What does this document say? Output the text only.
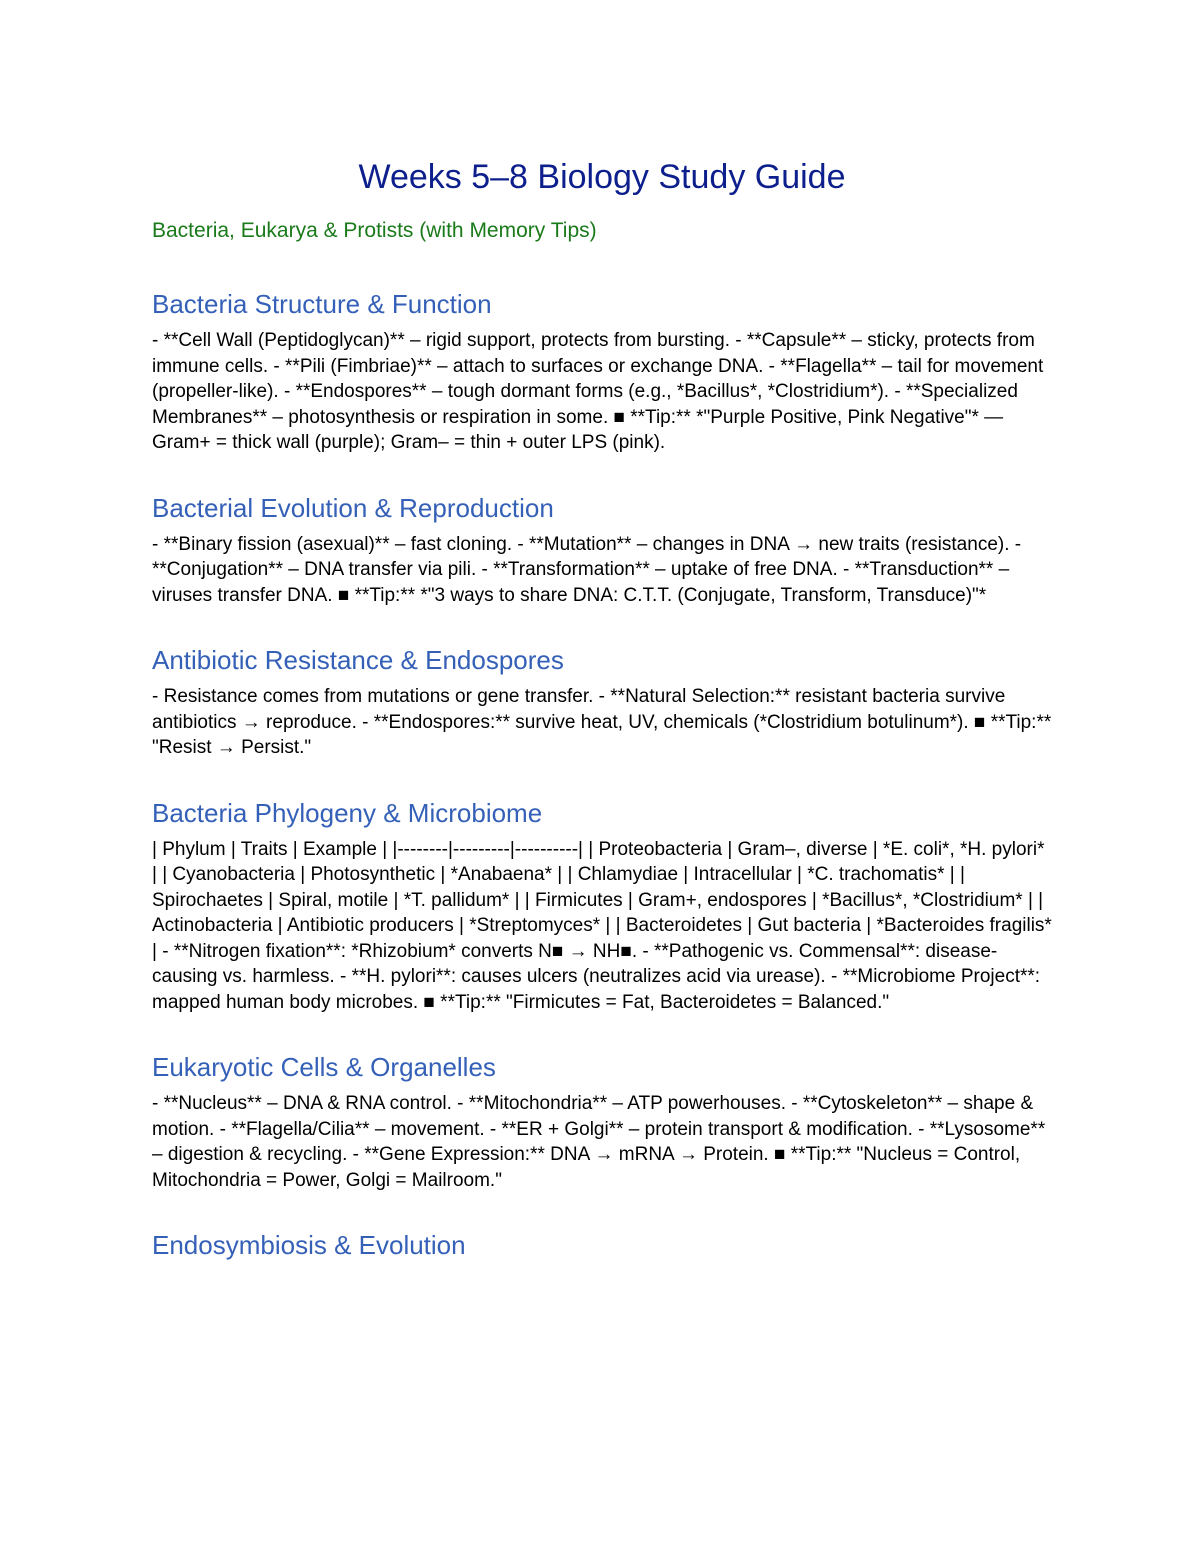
Weeks 5–8 Biology Study Guide
Bacteria, Eukarya & Protists (with Memory Tips)
Bacteria Structure & Function

- **Cell Wall (Peptidoglycan)** – rigid support, protects from bursting. - **Capsule** – sticky, protects from immune cells. - **Pili (Fimbriae)** – attach to surfaces or exchange DNA. - **Flagella** – tail for movement (propeller-like). - **Endospores** – tough dormant forms (e.g., *Bacillus*, *Clostridium*). - **Specialized Membranes** – photosynthesis or respiration in some. ■ **Tip:** *"Purple Positive, Pink Negative"* — Gram+ = thick wall (purple); Gram– = thin + outer LPS (pink).

Bacterial Evolution & Reproduction

- **Binary fission (asexual)** – fast cloning. - **Mutation** – changes in DNA → new traits (resistance). - **Conjugation** – DNA transfer via pili. - **Transformation** – uptake of free DNA. - **Transduction** – viruses transfer DNA. ■ **Tip:** *"3 ways to share DNA: C.T.T. (Conjugate, Transform, Transduce)"*

Antibiotic Resistance & Endospores

- Resistance comes from mutations or gene transfer. - **Natural Selection:** resistant bacteria survive antibiotics → reproduce. - **Endospores:** survive heat, UV, chemicals (*Clostridium botulinum*). ■ **Tip:** "Resist → Persist."

Bacteria Phylogeny & Microbiome

| Phylum | Traits | Example | |--------|---------|----------| | Proteobacteria | Gram–, diverse | *E. coli*, *H. pylori* | | Cyanobacteria | Photosynthetic | *Anabaena* | | Chlamydiae | Intracellular | *C. trachomatis* | | Spirochaetes | Spiral, motile | *T. pallidum* | | Firmicutes | Gram+, endospores | *Bacillus*, *Clostridium* | | Actinobacteria | Antibiotic producers | *Streptomyces* | | Bacteroidetes | Gut bacteria | *Bacteroides fragilis* | - **Nitrogen fixation**: *Rhizobium* converts N■ → NH■. - **Pathogenic vs. Commensal**: disease-causing vs. harmless. - **H. pylori**: causes ulcers (neutralizes acid via urease). - **Microbiome Project**: mapped human body microbes. ■ **Tip:** "Firmicutes = Fat, Bacteroidetes = Balanced."

Eukaryotic Cells & Organelles

- **Nucleus** – DNA & RNA control. - **Mitochondria** – ATP powerhouses. - **Cytoskeleton** – shape & motion. - **Flagella/Cilia** – movement. - **ER + Golgi** – protein transport & modification. - **Lysosome** – digestion & recycling. - **Gene Expression:** DNA → mRNA → Protein. ■ **Tip:** "Nucleus = Control, Mitochondria = Power, Golgi = Mailroom."

Endosymbiosis & Evolution
